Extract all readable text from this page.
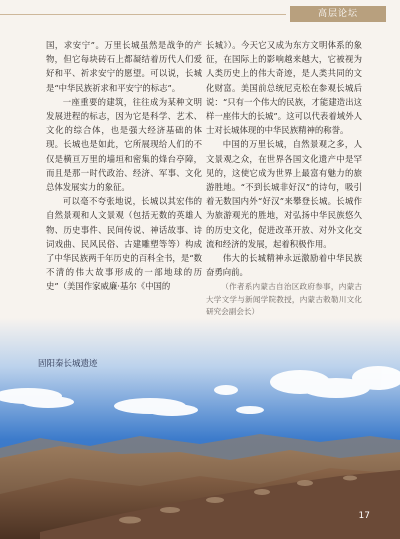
高层论坛

国，求安宁”。万里长城虽然是战争的产物，但它每块砖石上都凝结着历代人们爱好和平、祈求安宁的愿望。可以说，长城是“中华民族祈求和平安宁的标志”。

一座重要的建筑，往往成为某种文明发展进程的标志，因为它是科学、艺术、文化的综合体，也是强大经济基础的体现。长城也是如此，它所展现给人们的不仅是横亘万里的墙垣和密集的烽台亭障，而且是那一时代政治、经济、军事、文化总体发展实力的象征。

可以毫不夸张地说，长城以其宏伟的自然景观和人文景观（包括无数的英雄人物、历史事件、民间传说、神话故事、诗词戏曲、民风民俗、古建雕塑等等）构成了中华民族两千年历史的百科全书，是“数不清的伟大故事形成的一部地球的历史”（美国作家威廉·基尔《中国的

长城》）。今天它又成为东方文明体系的象征，在国际上的影响越来越大，它被视为人类历史上的伟大奇迹，是人类共同的文化财富。美国前总统尼克松在参观长城后说：“只有一个伟大的民族，才能建造出这样一座伟大的长城”。这可以代表着域外人士对长城体现的中华民族精神的称誉。

中国的万里长城，自然景观之多，人文景观之众，在世界各国文化遗产中是罕见的，这使它成为世界上最富有魅力的旅游胜地。“不到长城非好汉”的诗句，吸引着无数国内外“好汉”来攀登长城。长城作为旅游观光的胜地，对弘扬中华民族悠久的历史文化，促进改革开放、对外文化交流和经济的发展，起着积极作用。

伟大的长城精神永远激励着中华民族奋勇向前。

（作者系内蒙古自治区政府参事，内蒙古大学文学与新闻学院教授，内蒙古敕勒川文化研究会副会长）

固阳秦长城遗迹
17
